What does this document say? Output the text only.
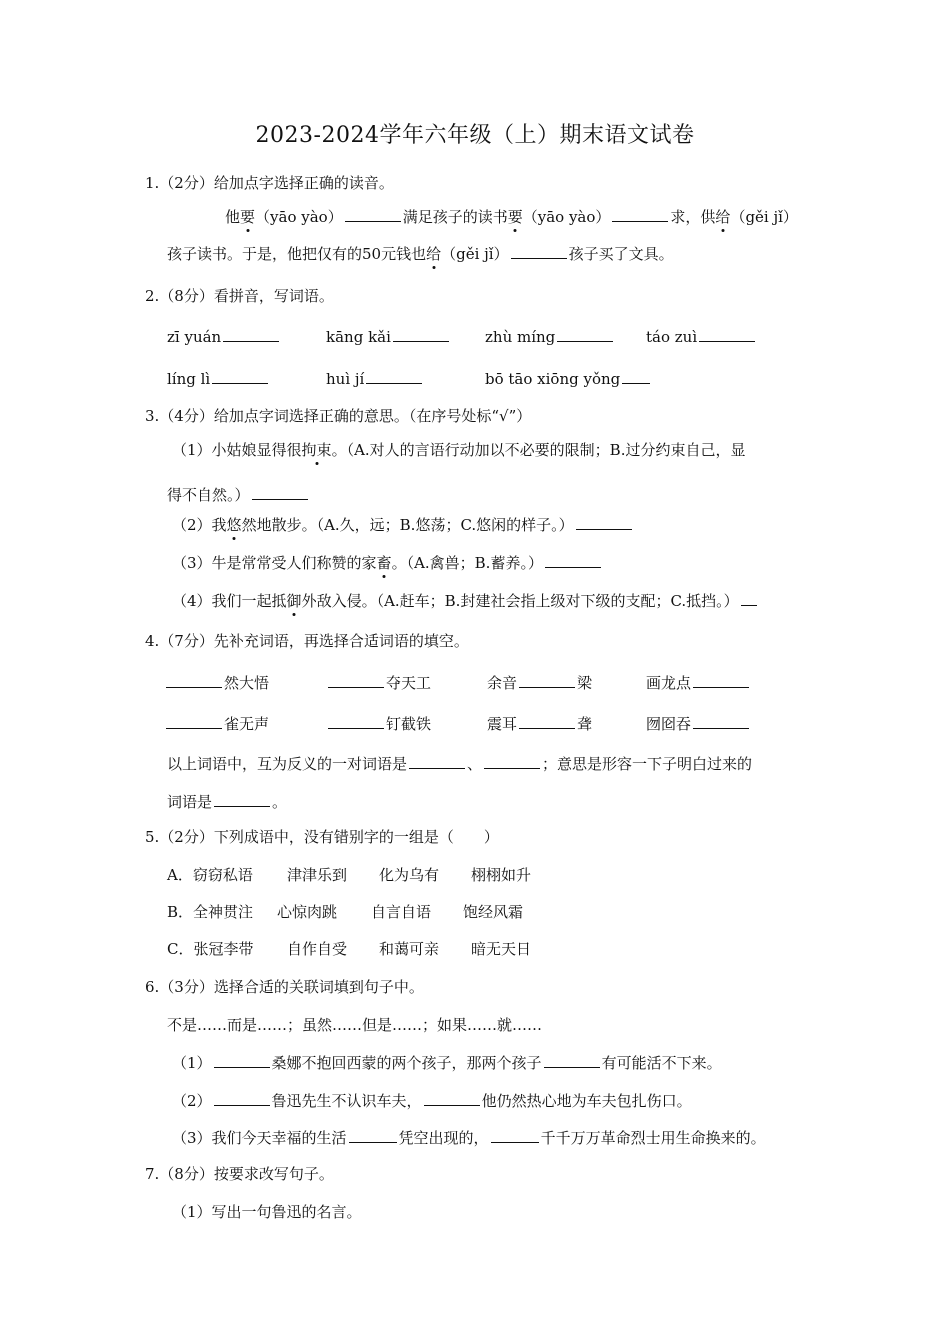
2023-2024学年六年级（上）期末语文试卷
1.（2分）给加点字选择正确的读音。
他要（yāo yào）	满足孩子的读书要（yāo yào）	求，供给（gěi jǐ）
孩子读书。于是，他把仅有的50元钱也给（gěi jǐ）	孩子买了文具。
2.（8分）看拼音，写词语。
zī yuán	kāng kǎi	zhù míng	táo zuì
líng lì	huì jí	bō tāo xiōng yǒng
3.（4分）给加点字词选择正确的意思。（在序号处标“√”）
（1）小姑娘显得很拘束。（A.对人的言语行动加以不必要的限制；B.过分约束自己，显
得不自然。）
（2）我悠然地散步。（A.久，远；B.悠荡；C.悠闲的样子。）
（3）牛是常常受人们称赞的家畜。（A.禽兽；B.蓄养。）
（4）我们一起抵御外敌入侵。（A.赶车；B.封建社会指上级对下级的支配；C.抵挡。）
4.（7分）先补充词语，再选择合适词语的填空。
然大悟	夺天工	余音	梁	画龙点
雀无声	钉截铁	震耳	聋	囫囵吞
以上词语中，互为反义的一对词语是	、	；意思是形容一下子明白过来的
词语是	。
5.（2分）下列成语中，没有错别字的一组是（　　）
A．窃窃私语 津津乐到 化为乌有 栩栩如升
B．全神贯注 心惊肉跳 自言自语 饱经风霜
C．张冠李带 自作自受 和蔼可亲 暗无天日
6.（3分）选择合适的关联词填到句子中。
不是……而是……；虽然……但是……；如果……就……
（1）	桑娜不抱回西蒙的两个孩子，那两个孩子	有可能活不下来。
（2）	鲁迅先生不认识车夫，	他仍然热心地为车夫包扎伤口。
（3）我们今天幸福的生活	凭空出现的，	千千万万革命烈士用生命换来的。
7.（8分）按要求改写句子。
（1）写出一句鲁迅的名言。
